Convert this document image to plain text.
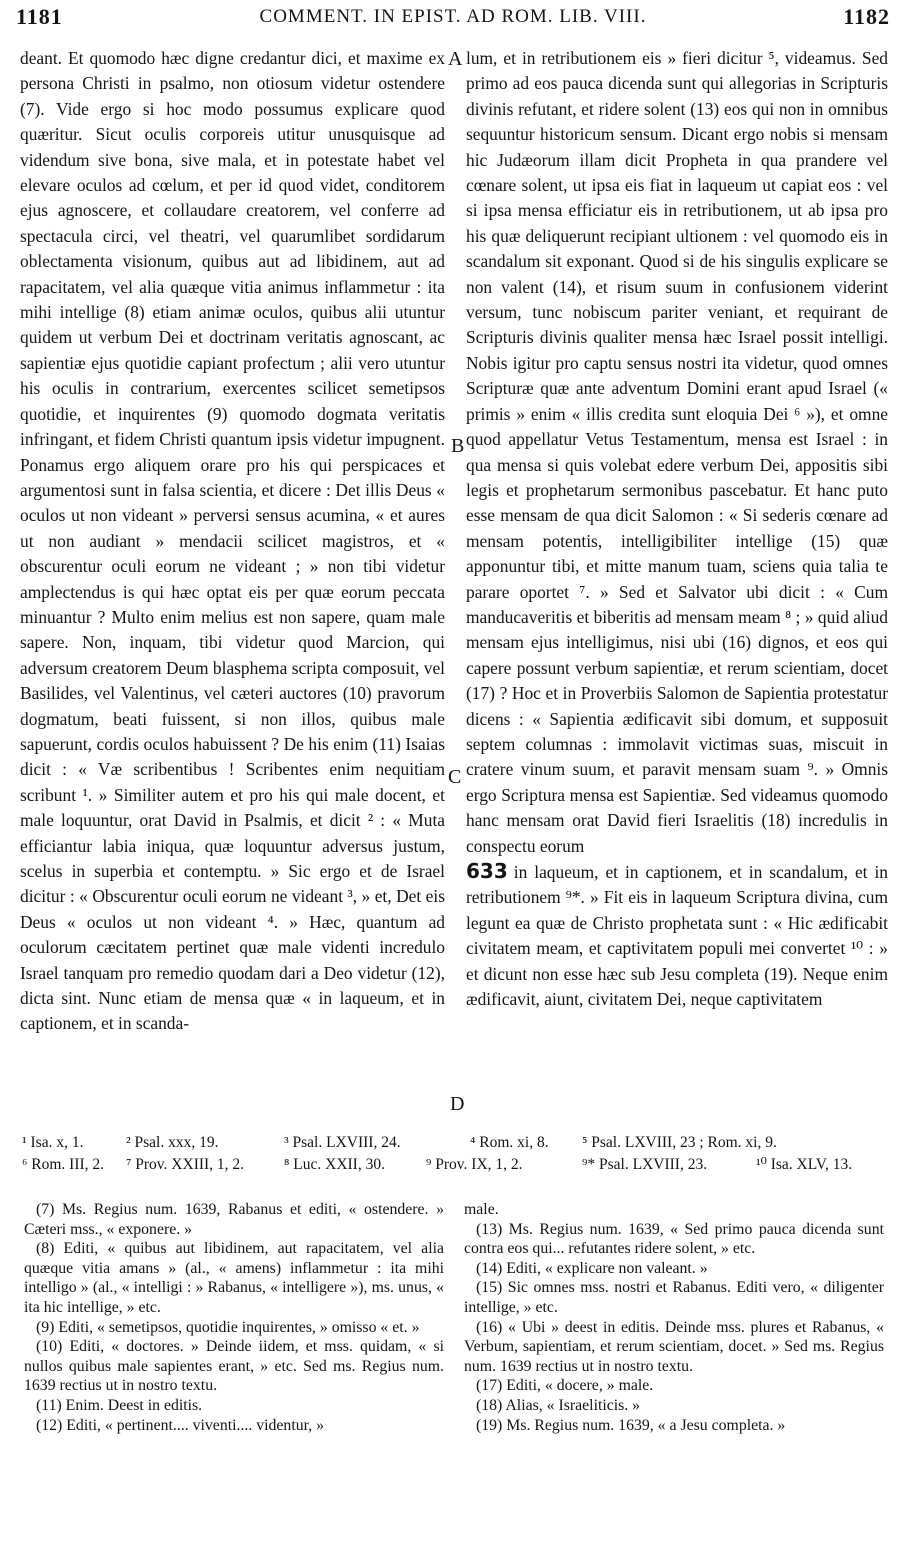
1181	COMMENT. IN EPIST. AD ROM. LIB. VIII.	1182

deant. Et quomodo hæc digne credantur dici, et maxime ex persona Christi in psalmo, non otiosum videtur ostendere (7). Vide ergo si hoc modo possumus explicare quod quæritur. Sicut oculis corporeis utitur unusquisque ad videndum sive bona, sive mala, et in potestate habet vel elevare oculos ad cœlum, et per id quod videt, conditorem ejus agnoscere, et collaudare creatorem, vel conferre ad spectacula circi, vel theatri, vel quarumlibet sordidarum oblectamenta visionum, quibus aut ad libidinem, aut ad rapacitatem, vel alia quæque vitia animus inflammetur : ita mihi intellige (8) etiam animæ oculos, quibus alii utuntur quidem ut verbum Dei et doctrinam veritatis agnoscant, ac sapientiæ ejus quotidie capiant profectum ; alii vero utuntur his oculis in contrarium, exercentes scilicet semetipsos quotidie, et inquirentes (9) quomodo dogmata veritatis infringant, et fidem Christi quantum ipsis videtur impugnent. Ponamus ergo aliquem orare pro his qui perspicaces et argumentosi sunt in falsa scientia, et dicere : Det illis Deus « oculos ut non videant » perversi sensus acumina, « et aures ut non audiant » mendacii scilicet magistros, et « obscurentur oculi eorum ne videant ; » non tibi videtur amplectendus is qui hæc optat eis per quæ eorum peccata minuantur ? Multo enim melius est non sapere, quam male sapere. Non, inquam, tibi videtur quod Marcion, qui adversum creatorem Deum blasphema scripta composuit, vel Basilides, vel Valentinus, vel cæteri auctores (10) pravorum dogmatum, beati fuissent, si non illos, quibus male sapuerunt, cordis oculos habuissent ? De his enim (11) Isaias dicit : « Væ scribentibus ! Scribentes enim nequitiam scribunt ¹. » Similiter autem et pro his qui male docent, et male loquuntur, orat David in Psalmis, et dicit ² : « Muta efficiantur labia iniqua, quæ loquuntur adversus justum, scelus in superbia et contemptu. » Sic ergo et de Israel dicitur : « Obscurentur oculi eorum ne videant ³, » et, Det eis Deus « oculos ut non videant ⁴. » Hæc, quantum ad oculorum cæcitatem pertinet quæ male videnti incredulo Israel tanquam pro remedio quodam dari a Deo videtur (12), dicta sint. Nunc etiam de mensa quæ « in laqueum, et in captionem, et in scanda-

A
B
C
D

lum, et in retributionem eis » fieri dicitur ⁵, videamus. Sed primo ad eos pauca dicenda sunt qui allegorias in Scripturis divinis refutant, et ridere solent (13) eos qui non in omnibus sequuntur historicum sensum. Dicant ergo nobis si mensam hic Judæorum illam dicit Propheta in qua prandere vel cœnare solent, ut ipsa eis fiat in laqueum ut capiat eos : vel si ipsa mensa efficiatur eis in retributionem, ut ab ipsa pro his quæ deliquerunt recipiant ultionem : vel quomodo eis in scandalum sit exponant. Quod si de his singulis explicare se non valent (14), et risum suum in confusionem viderint versum, tunc nobiscum pariter veniant, et requirant de Scripturis divinis qualiter mensa hæc Israel possit intelligi. Nobis igitur pro captu sensus nostri ita videtur, quod omnes Scripturæ quæ ante adventum Domini erant apud Israel (« primis » enim « illis credita sunt eloquia Dei ⁶ »), et omne quod appellatur Vetus Testamentum, mensa est Israel : in qua mensa si quis volebat edere verbum Dei, appositis sibi legis et prophetarum sermonibus pascebatur. Et hanc puto esse mensam de qua dicit Salomon : « Si sederis cœnare ad mensam potentis, intelligibiliter intellige (15) quæ apponuntur tibi, et mitte manum tuam, sciens quia talia te parare oportet ⁷. » Sed et Salvator ubi dicit : « Cum manducaveritis et biberitis ad mensam meam ⁸ ; » quid aliud mensam ejus intelligimus, nisi ubi (16) dignos, et eos qui capere possunt verbum sapientiæ, et rerum scientiam, docet (17) ? Hoc et in Proverbiis Salomon de Sapientia protestatur dicens : « Sapientia ædificavit sibi domum, et supposuit septem columnas : immolavit victimas suas, miscuit in cratere vinum suum, et paravit mensam suam ⁹. » Omnis ergo Scriptura mensa est Sapientiæ. Sed videamus quomodo hanc mensam orat David fieri Israelitis (18) incredulis in conspectu eorum

633 in laqueum, et in captionem, et in scandalum, et in retributionem ⁹*. » Fit eis in laqueum Scriptura divina, cum legunt ea quæ de Christo prophetata sunt : « Hic ædificabit civitatem meam, et captivitatem populi mei convertet ¹⁰ : » et dicunt non esse hæc sub Jesu completa (19). Neque enim ædificavit, aiunt, civitatem Dei, neque captivitatem

¹ Isa. x, 1.	² Psal. xxx, 19.	³ Psal. LXVIII, 24.	⁴ Rom. xi, 8. ⁵ Psal. LXVIII, 23 ; Rom. xi, 9.
⁶ Rom. III, 2. ⁷ Prov. XXIII, 1, 2.	⁸ Luc. XXII, 30.	⁹ Prov. IX, 1, 2.	⁹* Psal. LXVIII, 23.	¹⁰ Isa. XLV, 13.

(7) Ms. Regius num. 1639, Rabanus et editi, « ostendere. » Cæteri mss., « exponere. »

(8) Editi, « quibus aut libidinem, aut rapacitatem, vel alia quæque vitia amans » (al., « amens) inflammetur : ita mihi intelligo » (al., « intelligi : » Rabanus, « intelligere »), ms. unus, « ita hic intellige, » etc.

(9) Editi, « semetipsos, quotidie inquirentes, » omisso « et. »

(10) Editi, « doctores. » Deinde iidem, et mss. quidam, « si nullos quibus male sapientes erant, » etc. Sed ms. Regius num. 1639 rectius ut in nostro textu.

(11) Enim. Deest in editis.

(12) Editi, « pertinent.... viventi.... videntur, »

male.

(13) Ms. Regius num. 1639, « Sed primo pauca dicenda sunt contra eos qui... refutantes ridere solent, » etc.

(14) Editi, « explicare non valeant. »

(15) Sic omnes mss. nostri et Rabanus. Editi vero, « diligenter intellige, » etc.

(16) « Ubi » deest in editis. Deinde mss. plures et Rabanus, « Verbum, sapientiam, et rerum scientiam, docet. » Sed ms. Regius num. 1639 rectius ut in nostro textu.

(17) Editi, « docere, » male.

(18) Alias, « Israeliticis. »

(19) Ms. Regius num. 1639, « a Jesu completa. »
